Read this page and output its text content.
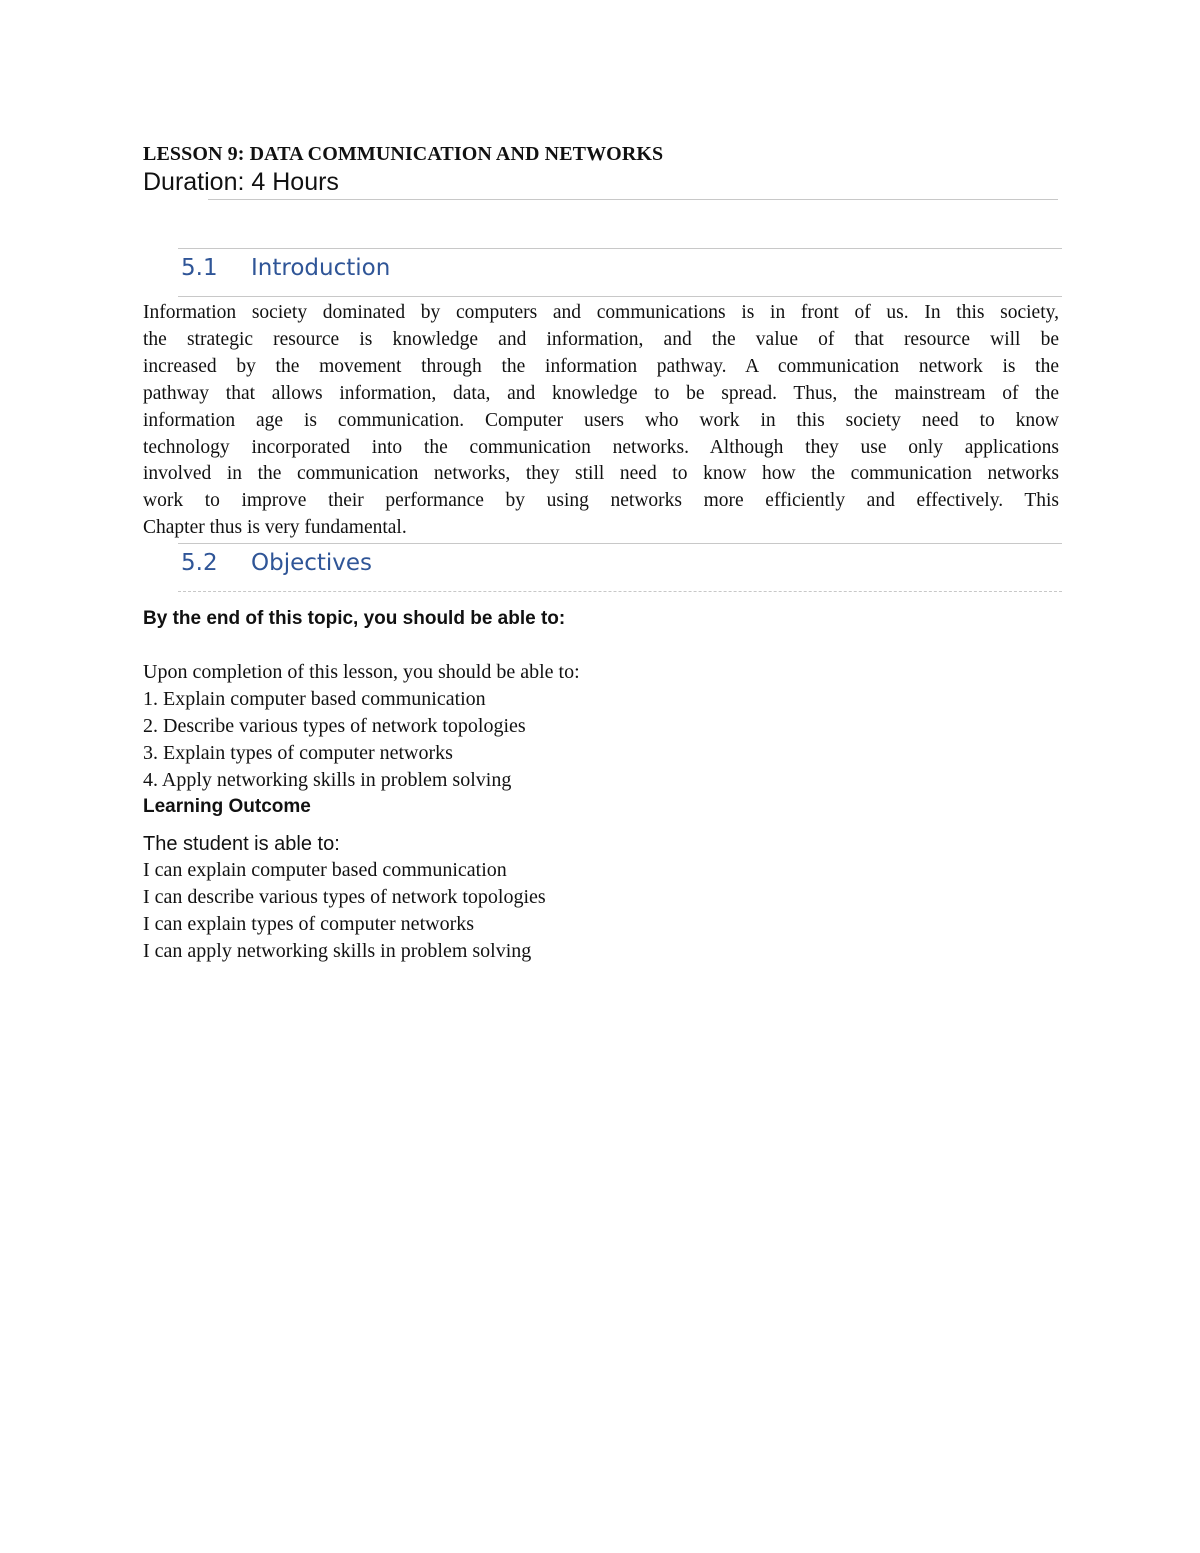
LESSON 9: DATA COMMUNICATION AND NETWORKS
Duration: 4 Hours
5.1 Introduction
Information society dominated by computers and communications is in front of us. In this society,
the strategic resource is knowledge and information, and the value of that resource will be
increased by the movement through the information pathway. A communication network is the
pathway that allows information, data, and knowledge to be spread. Thus, the mainstream of the
information age is communication. Computer users who work in this society need to know
technology incorporated into the communication networks. Although they use only applications
involved in the communication networks, they still need to know how the communication networks
work to improve their performance by using networks more efficiently and effectively. This
Chapter thus is very fundamental.
5.2 Objectives
By the end of this topic, you should be able to:
Upon completion of this lesson, you should be able to:
1. Explain computer based communication
2. Describe various types of network topologies
3. Explain types of computer networks
4. Apply networking skills in problem solving
Learning Outcome
The student is able to:
I can explain computer based communication
I can describe various types of network topologies
I can explain types of computer networks
I can apply networking skills in problem solving
